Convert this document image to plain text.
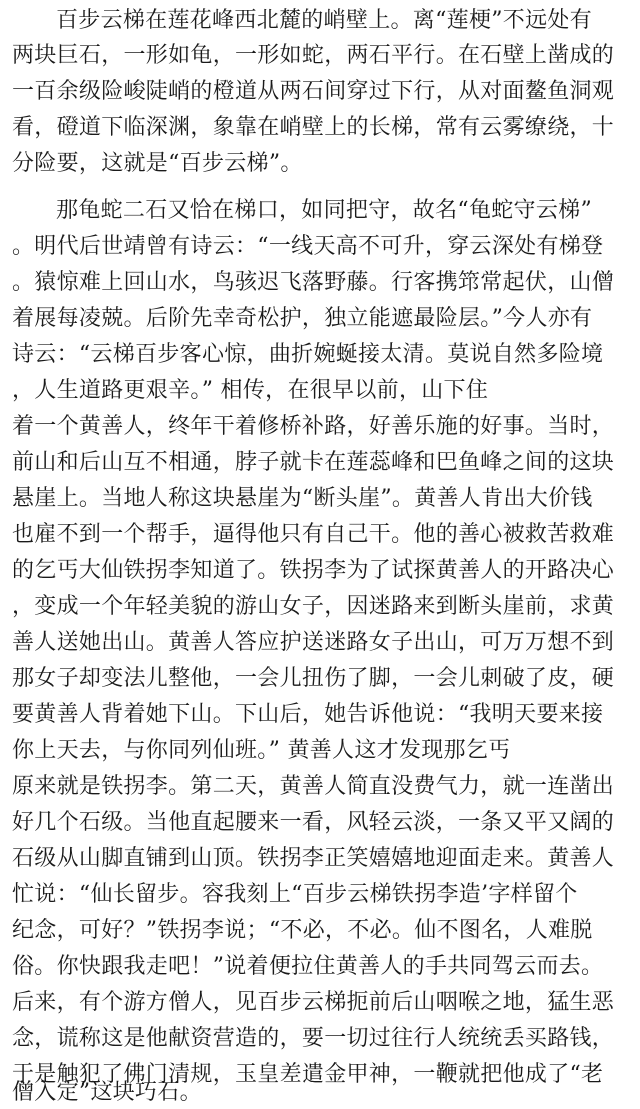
百步云梯在莲花峰西北麓的峭壁上。离“莲梗”不远处有
两块巨石，一形如龟，一形如蛇，两石平行。在石壁上凿成的
一百余级险峻陡峭的橙道从两石间穿过下行，从对面鳌鱼洞观
看，磴道下临深渊，象靠在峭壁上的长梯，常有云雾缭绕，十
分险要，这就是“百步云梯”。
那龟蛇二石又恰在梯口，如同把守，故名“龟蛇守云梯”
。明代后世靖曾有诗云：“一线天高不可升，穿云深处有梯登
。猿惊难上回山水，鸟骇迟飞落野藤。行客携筇常起伏，山僧
着展每凌兢。后阶先幸奇松护，独立能遮最险层。”今人亦有
诗云：“云梯百步客心惊，曲折婉蜒接太清。莫说自然多险境
，人生道路更艰辛。” 相传，在很早以前，山下住
着一个黄善人，终年干着修桥补路，好善乐施的好事。当时，
前山和后山互不相通，脖子就卡在莲蕊峰和巴鱼峰之间的这块
悬崖上。当地人称这块悬崖为“断头崖”。黄善人肯出大价钱
也雇不到一个帮手，逼得他只有自己干。他的善心被救苦救难
的乞丐大仙铁拐李知道了。铁拐李为了试探黄善人的开路决心
，变成一个年轻美貌的游山女子，因迷路来到断头崖前，求黄
善人送她出山。黄善人答应护送迷路女子出山，可万万想不到
那女子却变法儿整他，一会儿扭伤了脚，一会儿刺破了皮，硬
要黄善人背着她下山。下山后，她告诉他说：“我明天要来接
你上天去，与你同列仙班。” 黄善人这才发现那乞丐
原来就是铁拐李。第二天，黄善人简直没费气力，就一连凿出
好几个石级。当他直起腰来一看，风轻云淡，一条又平又阔的
石级从山脚直铺到山顶。铁拐李正笑嬉嬉地迎面走来。黄善人
忙说：“仙长留步。容我刻上“百步云梯铁拐李造’字样留个
纪念，可好？”铁拐李说；“不必，不必。仙不图名，人难脱
俗。你快跟我走吧！”说着便拉住黄善人的手共同驾云而去。
后来，有个游方僧人，见百步云梯扼前后山咽喉之地，猛生恶
念，谎称这是他献资营造的，要一切过往行人统统丢买路钱，
于是触犯了佛门清规，玉皇差遣金甲神，一鞭就把他成了“老
僧入定”这块巧石。
